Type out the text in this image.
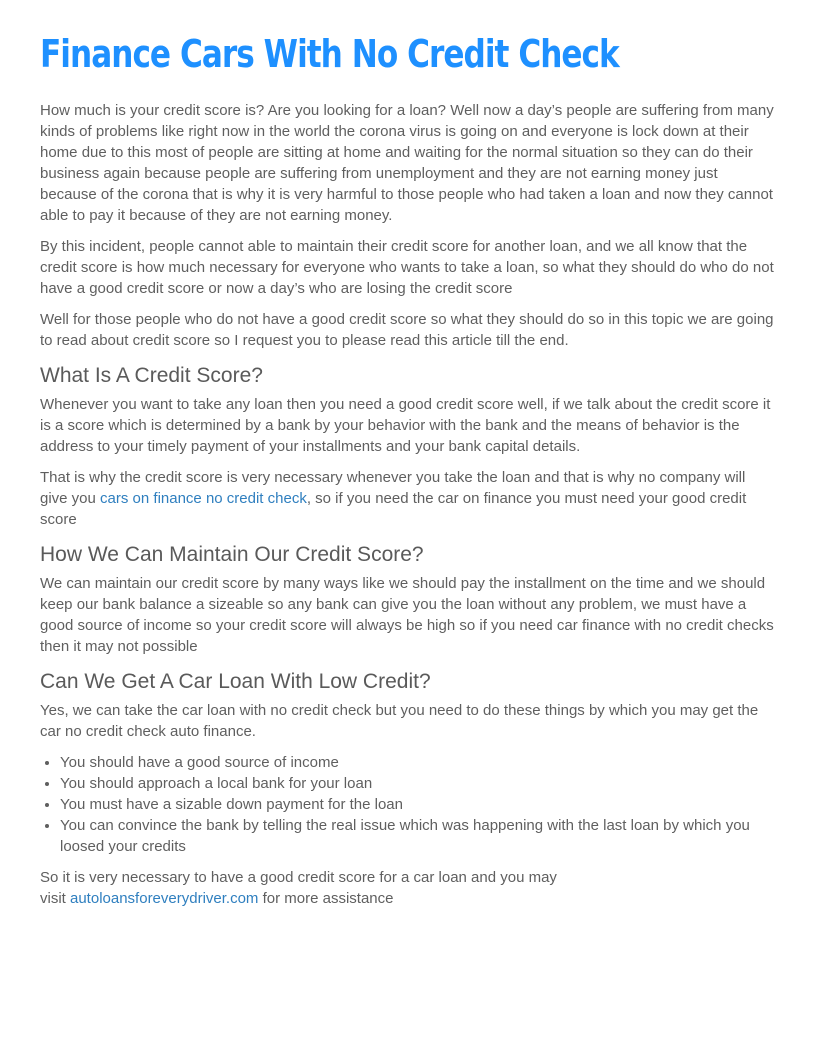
Finance Cars With No Credit Check

How much is your credit score is? Are you looking for a loan? Well now a day’s people are suffering from many kinds of problems like right now in the world the corona virus is going on and everyone is lock down at their home due to this most of people are sitting at home and waiting for the normal situation so they can do their business again because people are suffering from unemployment and they are not earning money just because of the corona that is why it is very harmful to those people who had taken a loan and now they cannot able to pay it because of they are not earning money.

By this incident, people cannot able to maintain their credit score for another loan, and we all know that the credit score is how much necessary for everyone who wants to take a loan, so what they should do who do not have a good credit score or now a day’s who are losing the credit score

Well for those people who do not have a good credit score so what they should do so in this topic we are going to read about credit score so I request you to please read this article till the end.

What Is A Credit Score?

Whenever you want to take any loan then you need a good credit score well, if we talk about the credit score it is a score which is determined by a bank by your behavior with the bank and the means of behavior is the address to your timely payment of your installments and your bank capital details.

That is why the credit score is very necessary whenever you take the loan and that is why no company will give you cars on finance no credit check, so if you need the car on finance you must need your good credit score

How We Can Maintain Our Credit Score?

We can maintain our credit score by many ways like we should pay the installment on the time and we should keep our bank balance a sizeable so any bank can give you the loan without any problem, we must have a good source of income so your credit score will always be high so if you need car finance with no credit checks then it may not possible

Can We Get A Car Loan With Low Credit?

Yes, we can take the car loan with no credit check but you need to do these things by which you may get the car no credit check auto finance.

• You should have a good source of income
• You should approach a local bank for your loan
• You must have a sizable down payment for the loan
• You can convince the bank by telling the real issue which was happening with the last loan by which you loosed your credits

So it is very necessary to have a good credit score for a car loan and you may
visit autoloansforeverydriver.com for more assistance
